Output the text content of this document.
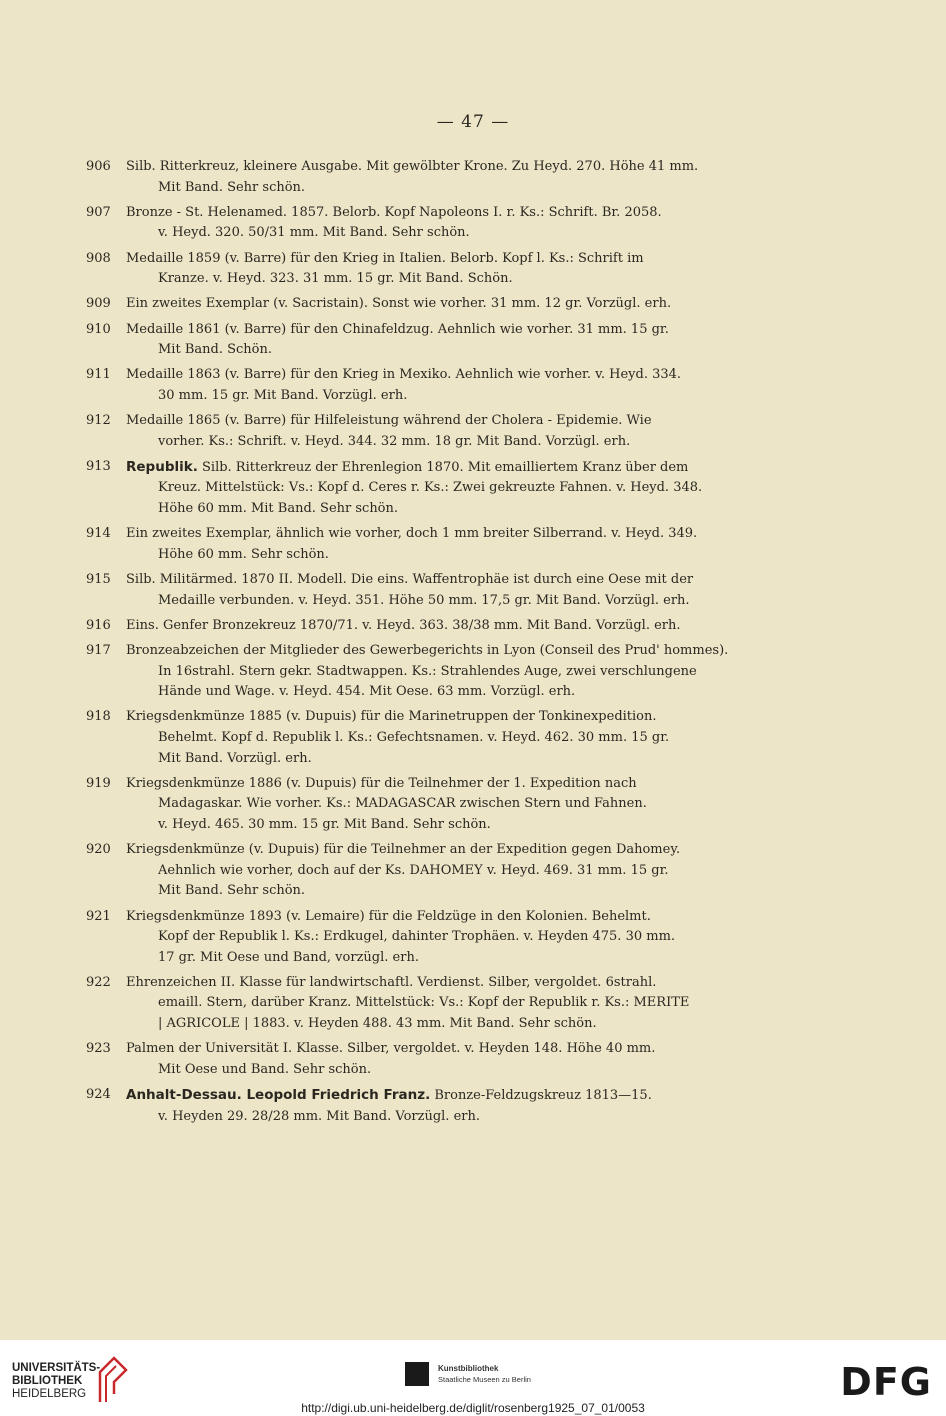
— 47 —
906	Silb. Ritterkreuz, kleinere Ausgabe. Mit gewölbter Krone. Zu Heyd. 270. Höhe 41 mm.
Mit Band. Sehr schön.
907	Bronze - St. Helenamed. 1857. Belorb. Kopf Napoleons I. r. Ks.: Schrift. Br. 2058.
v. Heyd. 320. 50/31 mm. Mit Band. Sehr schön.
908	Medaille 1859 (v. Barre) für den Krieg in Italien. Belorb. Kopf l. Ks.: Schrift im
Kranze. v. Heyd. 323. 31 mm. 15 gr. Mit Band. Schön.
909	Ein zweites Exemplar (v. Sacristain). Sonst wie vorher. 31 mm. 12 gr. Vorzügl. erh.
910	Medaille 1861 (v. Barre) für den Chinafeldzug. Aehnlich wie vorher. 31 mm. 15 gr.
Mit Band. Schön.
911	Medaille 1863 (v. Barre) für den Krieg in Mexiko. Aehnlich wie vorher. v. Heyd. 334.
30 mm. 15 gr. Mit Band. Vorzügl. erh.
912	Medaille 1865 (v. Barre) für Hilfeleistung während der Cholera - Epidemie. Wie
vorher. Ks.: Schrift. v. Heyd. 344. 32 mm. 18 gr. Mit Band. Vorzügl. erh.
913	Republik. Silb. Ritterkreuz der Ehrenlegion 1870. Mit emailliertem Kranz über dem
Kreuz. Mittelstück: Vs.: Kopf d. Ceres r. Ks.: Zwei gekreuzte Fahnen. v. Heyd. 348.
Höhe 60 mm. Mit Band. Sehr schön.
914	Ein zweites Exemplar, ähnlich wie vorher, doch 1 mm breiter Silberrand. v. Heyd. 349.
Höhe 60 mm. Sehr schön.
915	Silb. Militärmed. 1870 II. Modell. Die eins. Waffentrophäe ist durch eine Oese mit der
Medaille verbunden. v. Heyd. 351. Höhe 50 mm. 17,5 gr. Mit Band. Vorzügl. erh.
916	Eins. Genfer Bronzekreuz 1870/71. v. Heyd. 363. 38/38 mm. Mit Band. Vorzügl. erh.
917	Bronzeabzeichen der Mitglieder des Gewerbegerichts in Lyon (Conseil des Prud' hommes).
In 16strahl. Stern gekr. Stadtwappen. Ks.: Strahlendes Auge, zwei verschlungene
Hände und Wage. v. Heyd. 454. Mit Oese. 63 mm. Vorzügl. erh.
918	Kriegsdenkmünze 1885 (v. Dupuis) für die Marinetruppen der Tonkinexpedition.
Behelmt. Kopf d. Republik l. Ks.: Gefechtsnamen. v. Heyd. 462. 30 mm. 15 gr.
Mit Band. Vorzügl. erh.
919	Kriegsdenkmünze 1886 (v. Dupuis) für die Teilnehmer der 1. Expedition nach
Madagaskar. Wie vorher. Ks.: MADAGASCAR zwischen Stern und Fahnen.
v. Heyd. 465. 30 mm. 15 gr. Mit Band. Sehr schön.
920	Kriegsdenkmünze (v. Dupuis) für die Teilnehmer an der Expedition gegen Dahomey.
Aehnlich wie vorher, doch auf der Ks. DAHOMEY v. Heyd. 469. 31 mm. 15 gr.
Mit Band. Sehr schön.
921	Kriegsdenkmünze 1893 (v. Lemaire) für die Feldzüge in den Kolonien. Behelmt.
Kopf der Republik l. Ks.: Erdkugel, dahinter Trophäen. v. Heyden 475. 30 mm.
17 gr. Mit Oese und Band, vorzügl. erh.
922	Ehrenzeichen II. Klasse für landwirtschaftl. Verdienst. Silber, vergoldet. 6strahl.
emaill. Stern, darüber Kranz. Mittelstück: Vs.: Kopf der Republik r. Ks.: MERITE
| AGRICOLE | 1883. v. Heyden 488. 43 mm. Mit Band. Sehr schön.
923	Palmen der Universität I. Klasse. Silber, vergoldet. v. Heyden 148. Höhe 40 mm.
Mit Oese und Band. Sehr schön.
924	Anhalt-Dessau. Leopold Friedrich Franz. Bronze-Feldzugskreuz 1813—15.
v. Heyden 29. 28/28 mm. Mit Band. Vorzügl. erh.
UNIVERSITÄTS-
BIBLIOTHEK
HEIDELBERG
Kunstbibliothek
Staatliche Museen zu Berlin	DFG
http://digi.ub.uni-heidelberg.de/diglit/rosenberg1925_07_01/0053
